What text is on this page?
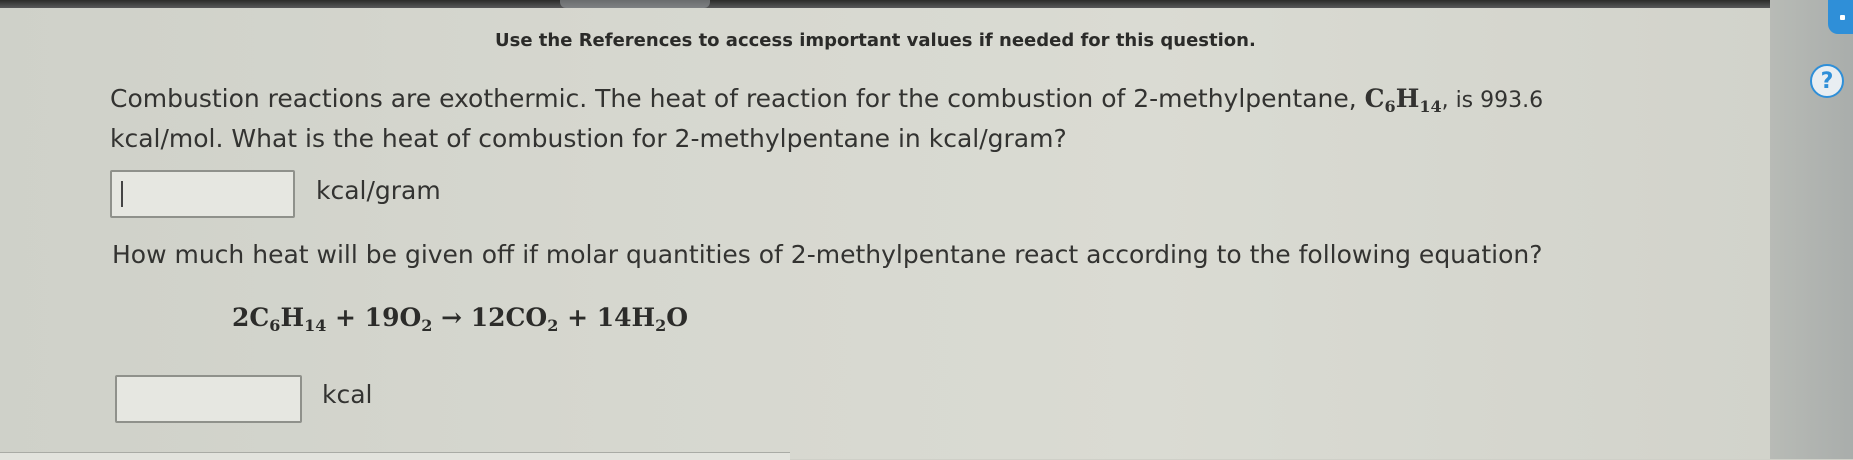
?
Use the References to access important values if needed for this question.
Combustion reactions are exothermic. The heat of reaction for the combustion of 2-methylpentane, $C_6H_{14}$, is 993.6
kcal/mol. What is the heat of combustion for 2-methylpentane in kcal/gram?
kcal/gram
How much heat will be given off if molar quantities of 2-methylpentane react according to the following equation?
$2C_6H_{14} + 19O_2 \to 12CO_2 + 14H_2O$
kcal
